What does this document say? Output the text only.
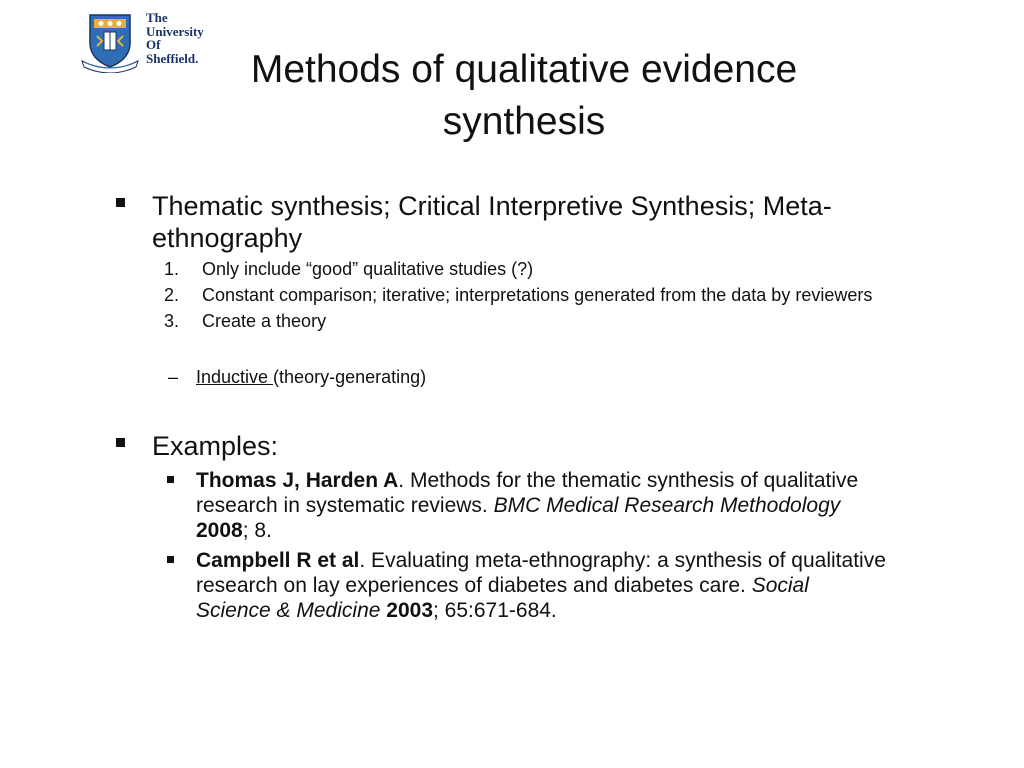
The
University
Of
Sheffield.	Methods of qualitative evidence
synthesis
Thematic synthesis; Critical Interpretive Synthesis; Meta-ethnography
1. Only include “good” qualitative studies (?)
2. Constant comparison; iterative; interpretations generated from the data by reviewers
3. Create a theory
– Inductive (theory-generating)
Examples:
Thomas J, Harden A. Methods for the thematic synthesis of qualitative research in systematic reviews. BMC Medical Research Methodology 2008; 8.
Campbell R et al. Evaluating meta-ethnography: a synthesis of qualitative research on lay experiences of diabetes and diabetes care. Social Science & Medicine 2003; 65:671-684.
